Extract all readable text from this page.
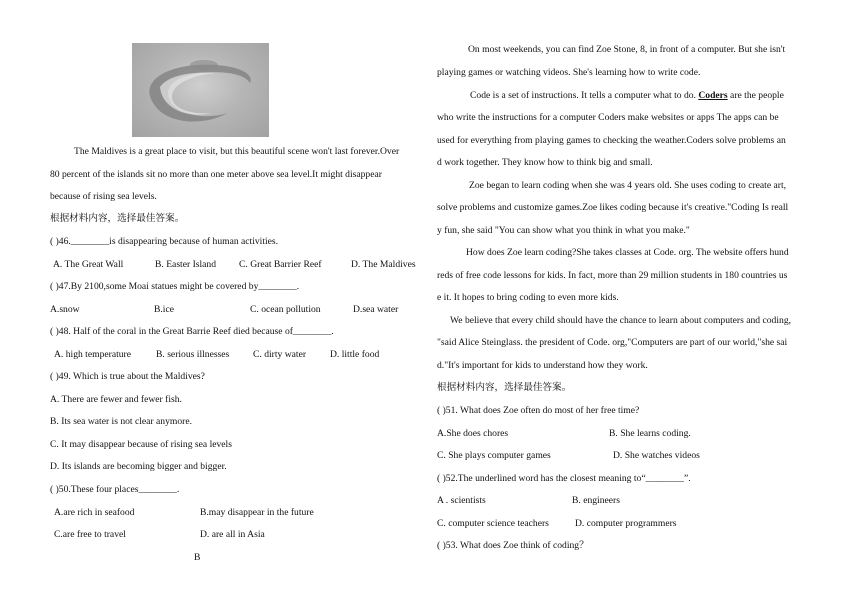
The Maldives is a great place to visit, but this beautiful scene won't last forever.Over
80 percent of the islands sit no more than one meter above sea level.It might disappear
because of rising sea levels.
根据材料内容，选择最佳答案。
( )46.________is disappearing because of human activities.
A. The Great Wall	B. Easter Island C. Great Barrier Reef	D. The Maldives
( )47.By 2100,some Moai statues might be covered by________.
A.snow	B.ice	C. ocean pollution	D.sea water
( )48. Half of the coral in the Great Barrie Reef died because of________.
A. high temperature	B. serious illnesses C. dirty water D. little food
( )49. Which is true about the Maldives?
A. There are fewer and fewer fish.
B. Its sea water is not clear anymore.
C. It may disappear because of rising sea levels
D. Its islands are becoming bigger and bigger.
( )50.These four places________.
A.are rich in seafood	B.may disappear in the future
C.are free to travel	D. are all in Asia
B
On most weekends, you can find Zoe Stone, 8, in front of a computer. But she isn't
playing games or watching videos. She's learning how to write code.
Code is a set of instructions. It tells a computer what to do. Coders are the people
who write the instructions for a computer Coders make websites or apps The apps can be
used for everything from playing games to checking the weather.Coders solve problems an
d work together. They know how to think big and small.
Zoe began to learn coding when she was 4 years old. She uses coding to create art,
solve problems and customize games.Zoe likes coding because it's creative."Coding Is reall
y fun, she said "You can show what you think in what you make."
How does Zoe learn coding?She takes classes at Code. org. The website offers hund
reds of free code lessons for kids. In fact, more than 29 million students in 180 countries us
e it. It hopes to bring coding to even more kids.
We believe that every child should have the chance to learn about computers and coding,
"said Alice Steinglass. the president of Code. org,"Computers are part of our world,"she sai
d."It's important for kids to understand how they work.
根据材料内容，选择最佳答案。
( )51. What does Zoe often do most of her free time?
A.She does chores	B. She learns coding.
C. She plays computer games	D. She watches videos
( )52.The underlined word has the closest meaning to“________”.
A . scientists	B. engineers
C. computer science teachers	D. computer programmers
( )53. What does Zoe think of coding？
